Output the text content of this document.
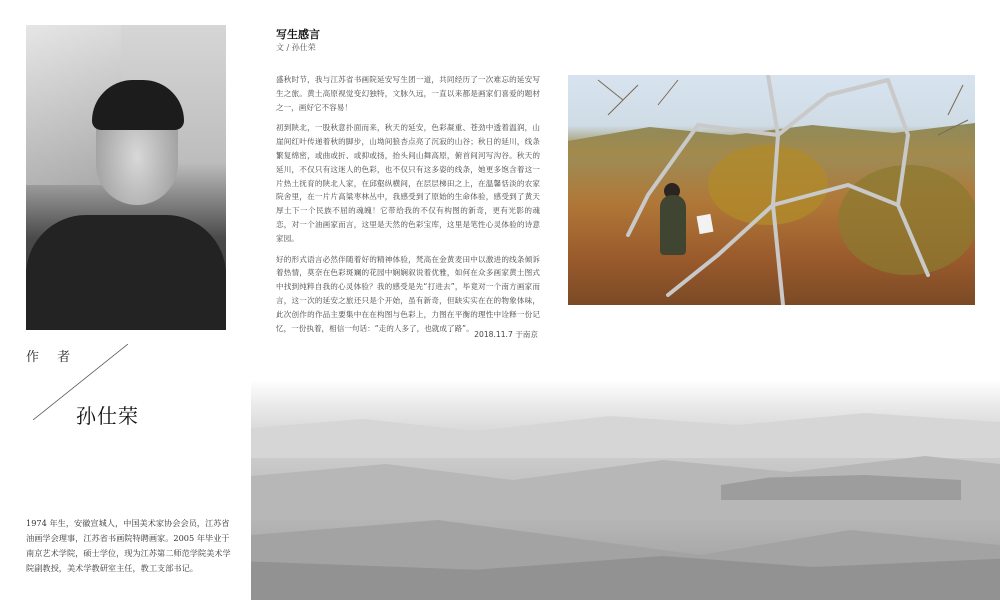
作 者
孙仕荣

1974 年生，安徽宣城人，中国美术家协会会员，江苏省油画学会理事，江苏省书画院特聘画家。2005 年毕业于南京艺术学院，硕士学位，现为江苏第二师范学院美术学院副教授，美术学教研室主任，教工支部书记。

写生感言
文 / 孙仕荣

盛秋时节，我与江苏省书画院延安写生团一道，共同经历了一次难忘的延安写生之旅。黄土高原视觉变幻独特，文脉久远，一直以来都是画家们喜爱的题材之一，画好它不容易！

初到陕北，一股秋意扑面而来，秋天的延安，色彩凝重、苍劲中透着温润，山崖间红叶传递着秋的脚步，山坳间狼杏点亮了沉寂的山谷；秋日的延川，线条繁复绵密，或曲或折、或抑或扬，抬头间山舞高原，俯首间河写沟谷。秋天的延川，不仅只有这迷人的色彩，也不仅只有这多姿的线条，她更多饱含着这一片热土抚育的陕北人家，在邱壑纵横间，在层层梯田之上，在温馨恬淡的农家院舍里，在一片片高粱枣林丛中，我感受到了原始的生命体验，感受到了黄天厚土下一个民族不屈的魂魄！它带给我的不仅有构图的新奇，更有光影的魂恋，对一个油画家而言，这里是天然的色彩宝库，这里是笔性心灵体验的诗意家园。

好的形式语言必然伴随着好的精神体验，梵高在金黄麦田中以激进的线条倾诉着热情，莫奈在色彩斑斓的花园中娴娴叙说着优雅，如何在众多画家黄土图式中找到纯粹自我的心灵体验？我的感受是先“打进去”，毕竟对一个南方画家而言，这一次的延安之旅还只是个开始，虽有新奇，但缺实实在在的物象体味，此次创作的作品主要集中在在构图与色彩上，力图在平衡的理性中诠释一份记忆，一份执着，相信一句话：“走的人多了，也就成了路”。

2018.11.7 于南京
